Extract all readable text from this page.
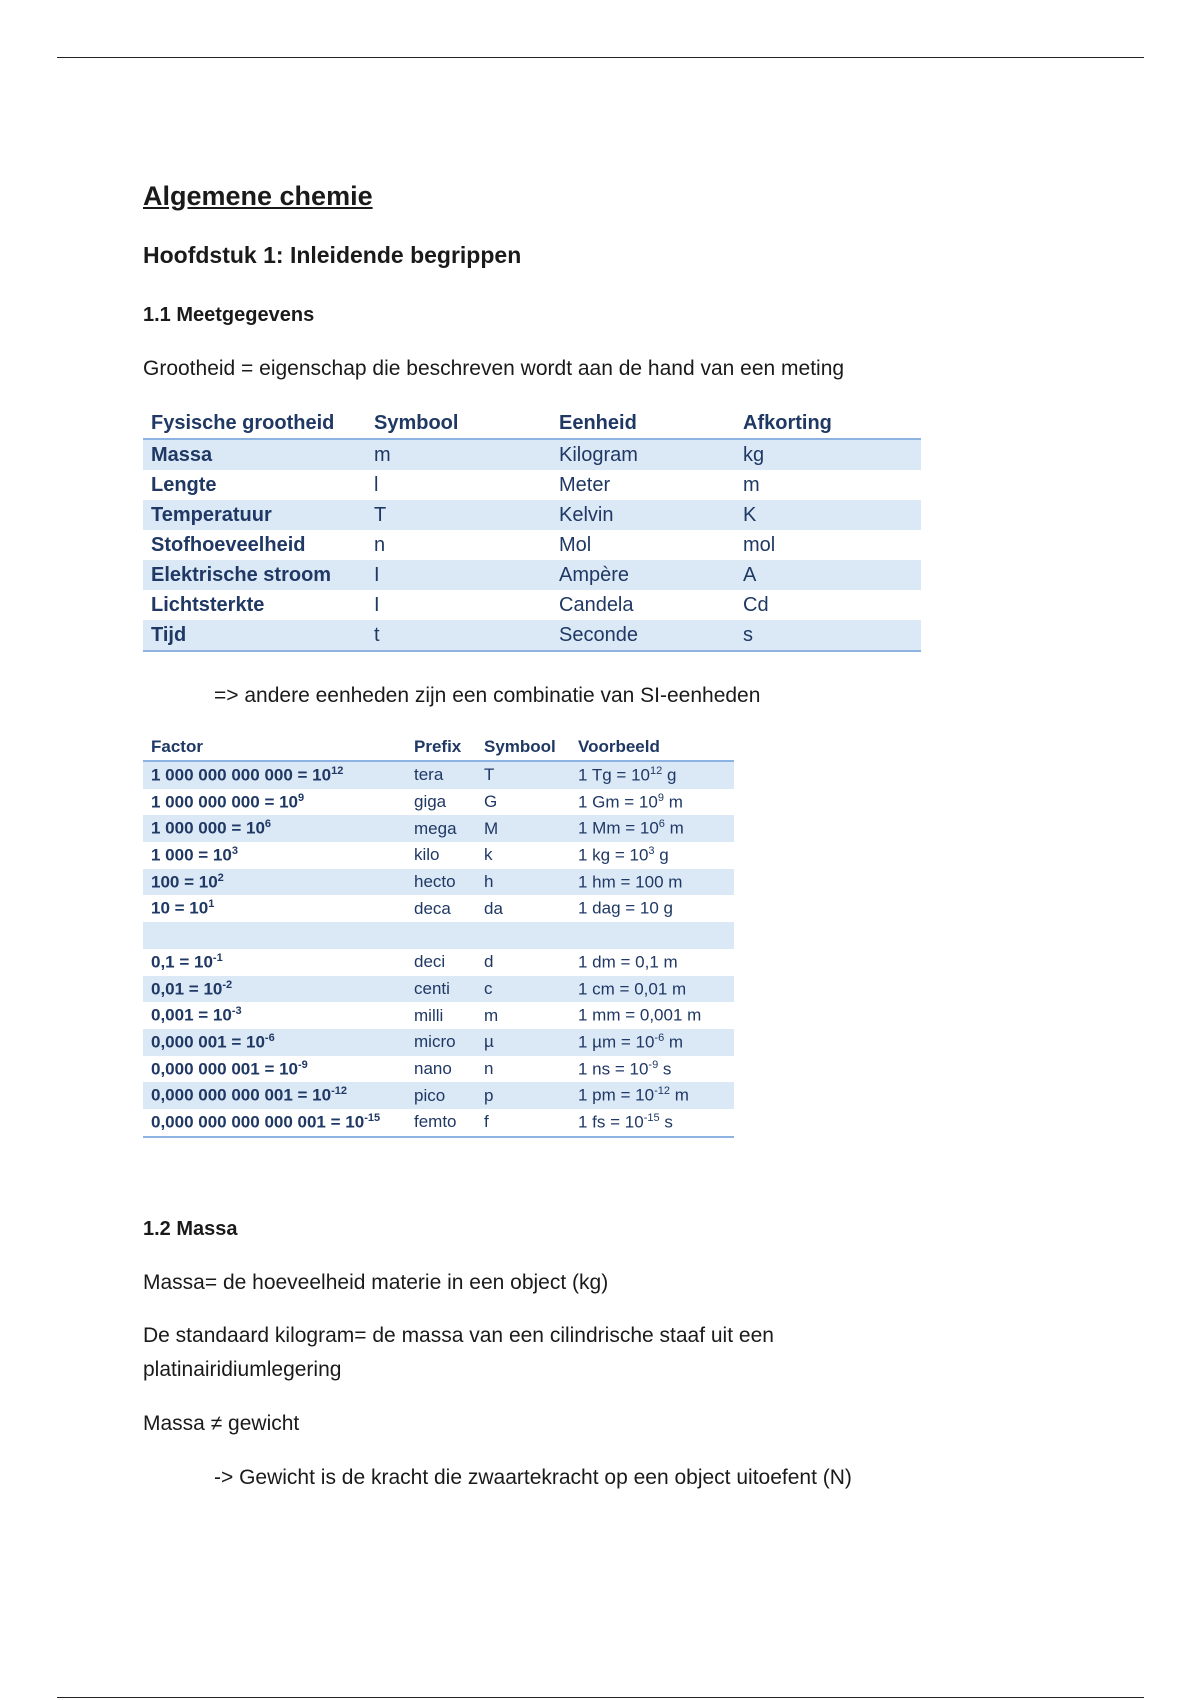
Algemene chemie
Hoofdstuk 1: Inleidende begrippen
1.1 Meetgegevens

Grootheid = eigenschap die beschreven wordt aan de hand van een meting

Fysische grootheid	Symbool	Eenheid	Afkorting
Massa	m	Kilogram	kg
Lengte	l	Meter	m
Temperatuur	T	Kelvin	K
Stofhoeveelheid	n	Mol	mol
Elektrische stroom	I	Ampère	A
Lichtsterkte	I	Candela	Cd
Tijd	t	Seconde	s

=> andere eenheden zijn een combinatie van SI-eenheden

Factor	Prefix	Symbool	Voorbeeld
1 000 000 000 $000 = 10^{12}$	tera	T	1 $Tg = 10^{12}$ g
1 000 000 $000 = 10^9$	giga	G	1 $Gm = 10^9$ m
1 000 $000 = 10^6$	mega	M	1 $Mm = 10^6$ m
1 $000 = 10^3$	kilo	k	1 kg = $10^3$ g
$100 = 10^2$	hecto	h	1 hm = 100 m
$10 = 10^1$	deca	da	1 dag = 10 g

$0,1 = 10^{-1}$	deci	d	1 dm = 0,1 m
$0,01 = 10^{-2}$	centi	c	1 cm = 0,01 m
$0,001 = 10^{-3}$	milli	m	1 mm = 0,001 m
0,000 $001 = 10^{-6}$	micro	µ	1 $\mu m = 10^{-6}$ m
0,000 000 $001 = 10^{-9}$	nano	n	1 ns = $10^{-9}$ s
0,000 000 000 $001 = 10^{-12}$	pico	p	1 pm = $10^{-12}$ m
0,000 000 000 000 $001 = 10^{-15}$	femto	f	1 fs = $10^{-15}$ s
1.2 Massa

Massa= de hoeveelheid materie in een object (kg)

De standaard kilogram= de massa van een cilindrische staaf uit een

platinairidiumlegering

Massa ≠ gewicht

-> Gewicht is de kracht die zwaartekracht op een object uitoefent (N)
